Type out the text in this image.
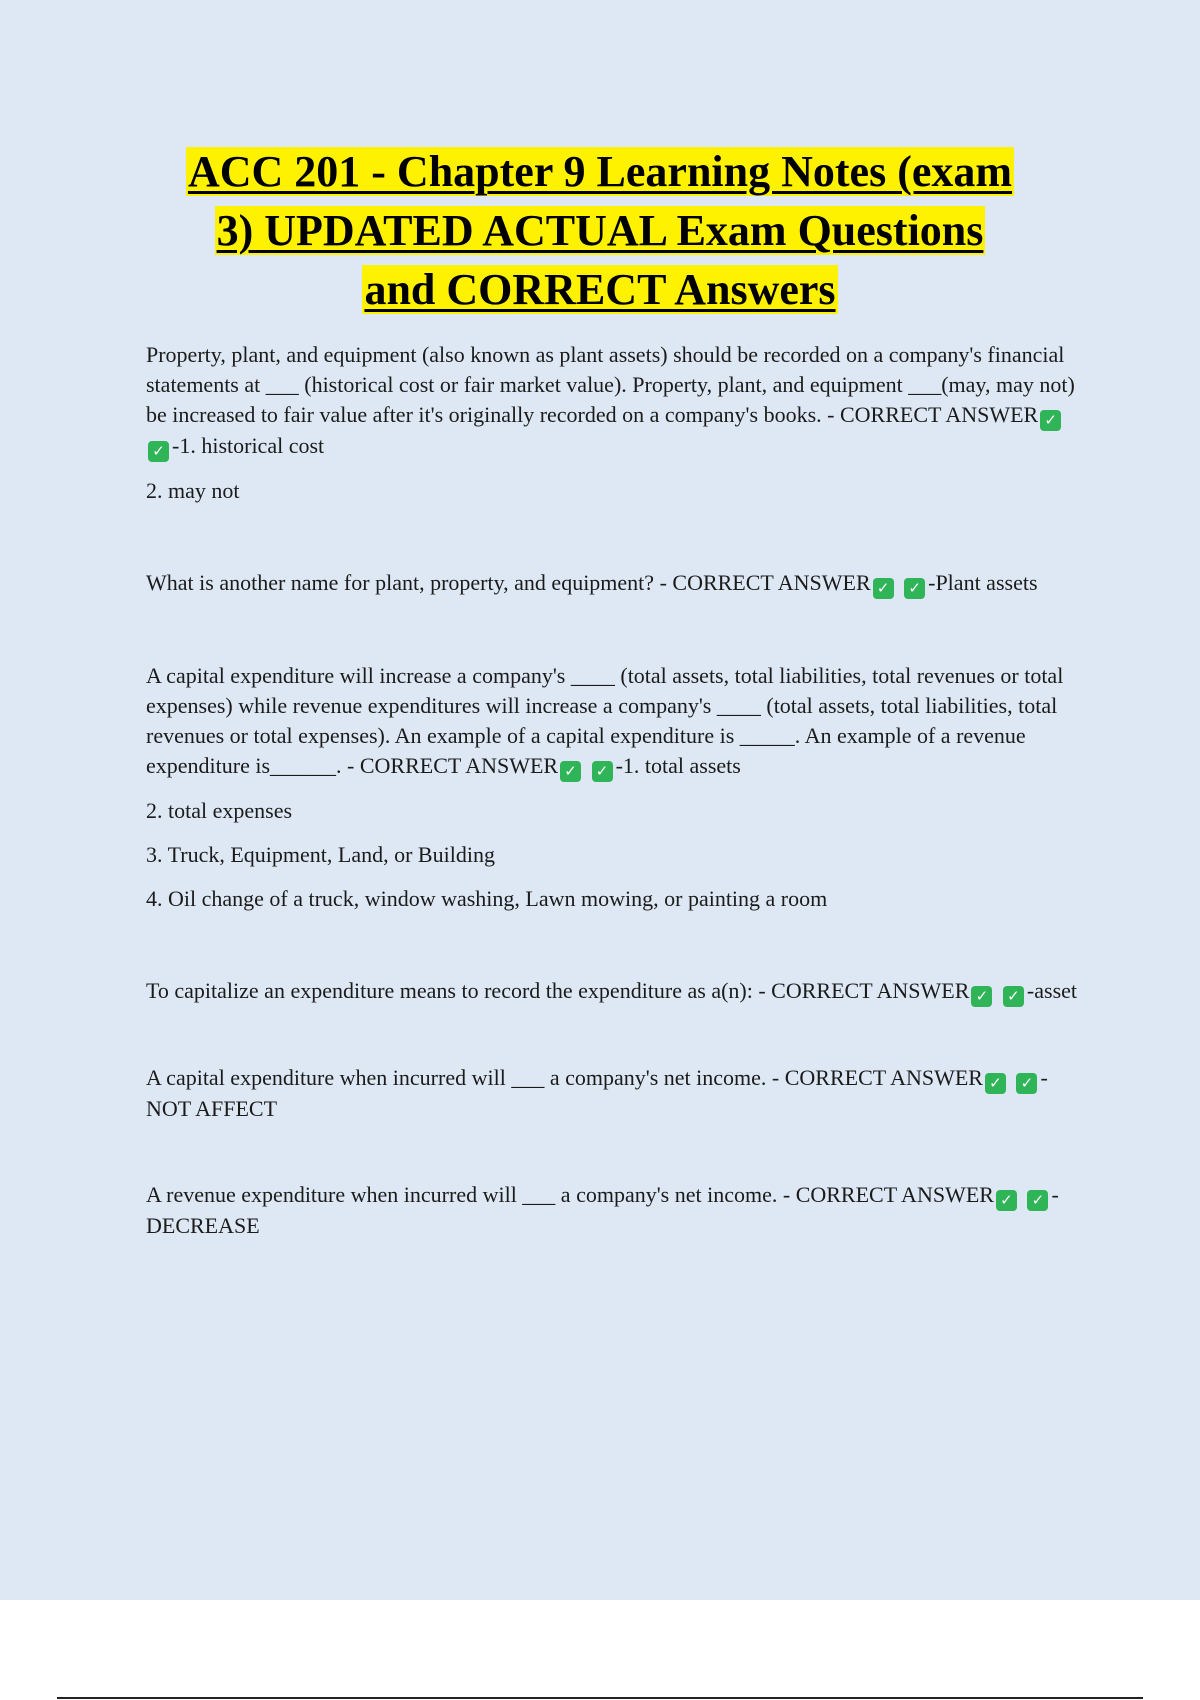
ACC 201 - Chapter 9 Learning Notes (exam
3) UPDATED ACTUAL Exam Questions
and CORRECT Answers

Property, plant, and equipment (also known as plant assets) should be recorded on a company's financial statements at ___ (historical cost or fair market value). Property, plant, and equipment ___(may, may not) be increased to fair value after it's originally recorded on a company's books. - CORRECT ANSWER ✓ ✓ -1. historical cost

2. may not

What is another name for plant, property, and equipment? - CORRECT ANSWER ✓ ✓ -Plant assets

A capital expenditure will increase a company's ____ (total assets, total liabilities, total revenues or total expenses) while revenue expenditures will increase a company's ____ (total assets, total liabilities, total revenues or total expenses). An example of a capital expenditure is _____. An example of a revenue expenditure is______. - CORRECT ANSWER ✓ ✓ -1. total assets

2. total expenses

3. Truck, Equipment, Land, or Building

4. Oil change of a truck, window washing, Lawn mowing, or painting a room

To capitalize an expenditure means to record the expenditure as a(n): - CORRECT ANSWER ✓ ✓ -asset

A capital expenditure when incurred will ___ a company's net income. - CORRECT ANSWER ✓ ✓ -NOT AFFECT

A revenue expenditure when incurred will ___ a company's net income. - CORRECT ANSWER ✓ ✓ -DECREASE
